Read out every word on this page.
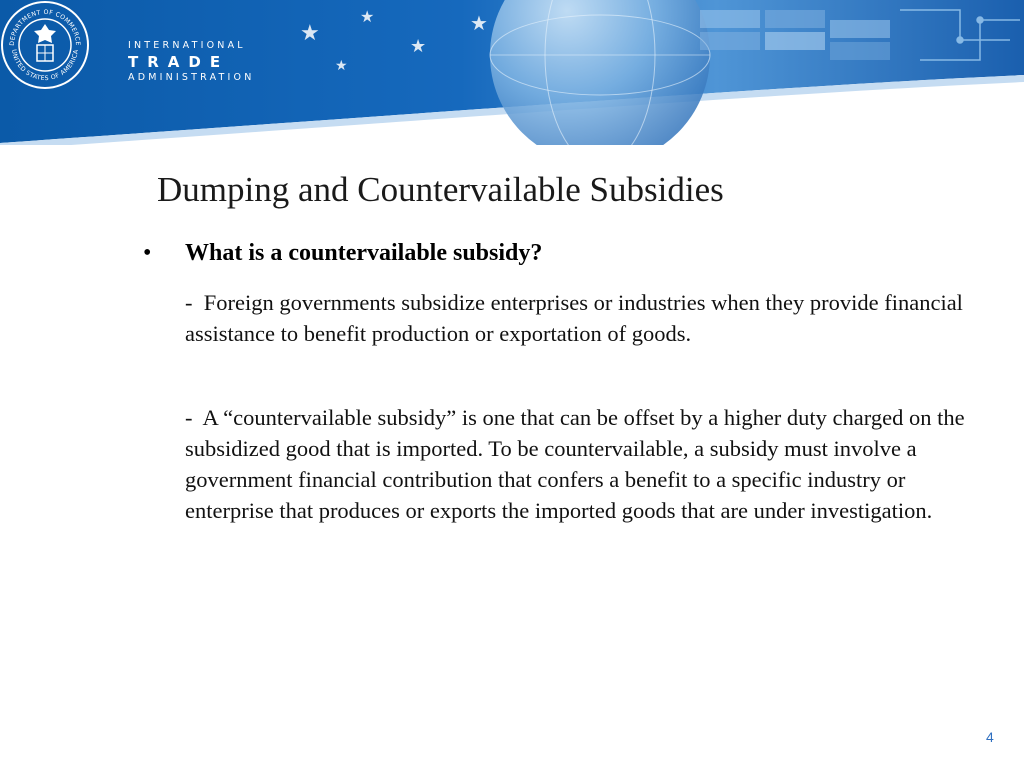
★
★
★
★
★
DEPARTMENT OF COMMERCE
UNITED STATES OF AMERICA
INTERNATIONAL
TRADE
ADMINISTRATION
Dumping and Countervailable Subsidies
•	What is a countervailable subsidy?

-  Foreign governments subsidize enterprises or industries when they provide financial assistance to benefit production or exportation of goods.

-  A “countervailable subsidy” is one that can be offset by a higher duty charged on the subsidized good that is imported. To be countervailable, a subsidy must involve a government financial contribution that confers a benefit to a specific industry or enterprise that produces or exports the imported goods that are under investigation.

4
